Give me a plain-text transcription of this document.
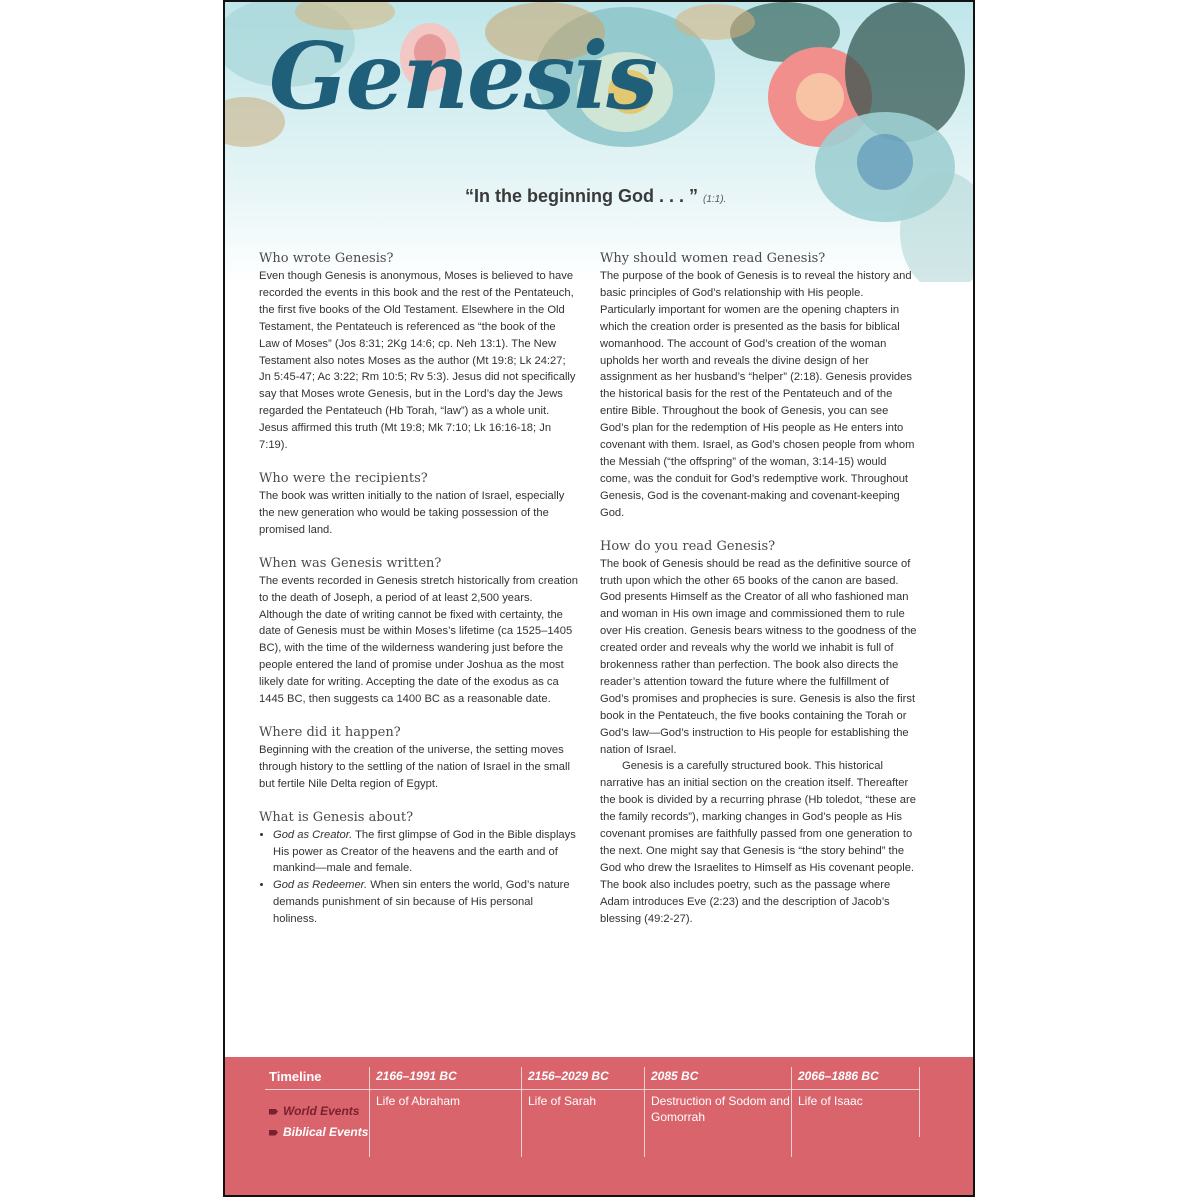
Genesis
“In the beginning God . . . ” (1:1).
Who wrote Genesis?

Even though Genesis is anonymous, Moses is believed to have recorded the events in this book and the rest of the Pentateuch, the first five books of the Old Testament. Elsewhere in the Old Testament, the Pentateuch is referenced as “the book of the Law of Moses” (Jos 8:31; 2Kg 14:6; cp. Neh 13:1). The New Testament also notes Moses as the author (Mt 19:8; Lk 24:27; Jn 5:45-47; Ac 3:22; Rm 10:5; Rv 5:3). Jesus did not specifically say that Moses wrote Genesis, but in the Lord’s day the Jews regarded the Pentateuch (Hb Torah, “law”) as a whole unit. Jesus affirmed this truth (Mt 19:8; Mk 7:10; Lk 16:16-18; Jn 7:19).

Who were the recipients?

The book was written initially to the nation of Israel, especially the new generation who would be taking possession of the promised land.

When was Genesis written?

The events recorded in Genesis stretch historically from creation to the death of Joseph, a period of at least 2,500 years. Although the date of writing cannot be fixed with certainty, the date of Genesis must be within Moses’s lifetime (ca 1525–1405 BC), with the time of the wilderness wandering just before the people entered the land of promise under Joshua as the most likely date for writing. Accepting the date of the exodus as ca 1445 BC, then suggests ca 1400 BC as a reasonable date.

Where did it happen?

Beginning with the creation of the universe, the setting moves through history to the settling of the nation of Israel in the small but fertile Nile Delta region of Egypt.

What is Genesis about?
• God as Creator. The first glimpse of God in the Bible displays His power as Creator of the heavens and the earth and of mankind—male and female.
• God as Redeemer. When sin enters the world, God’s nature demands punishment of sin because of His personal holiness.
Why should women read Genesis?

The purpose of the book of Genesis is to reveal the history and basic principles of God’s relationship with His people. Particularly important for women are the opening chapters in which the creation order is presented as the basis for biblical womanhood. The account of God’s creation of the woman upholds her worth and reveals the divine design of her assignment as her husband’s “helper” (2:18). Genesis provides the historical basis for the rest of the Pentateuch and of the entire Bible. Throughout the book of Genesis, you can see God’s plan for the redemption of His people as He enters into covenant with them. Israel, as God’s chosen people from whom the Messiah (“the offspring” of the woman, 3:14-15) would come, was the conduit for God’s redemptive work. Throughout Genesis, God is the covenant-making and covenant-keeping God.

How do you read Genesis?

The book of Genesis should be read as the definitive source of truth upon which the other 65 books of the canon are based. God presents Himself as the Creator of all who fashioned man and woman in His own image and commissioned them to rule over His creation. Genesis bears witness to the goodness of the created order and reveals why the world we inhabit is full of brokenness rather than perfection. The book also directs the reader’s attention toward the future where the fulfillment of God’s promises and prophecies is sure. Genesis is also the first book in the Pentateuch, the five books containing the Torah or God’s law—God’s instruction to His people for establishing the nation of Israel.

Genesis is a carefully structured book. This historical narrative has an initial section on the creation itself. Thereafter the book is divided by a recurring phrase (Hb toledot, “these are the family records”), marking changes in God’s people as His covenant promises are faithfully passed from one generation to the next. One might say that Genesis is “the story behind” the God who drew the Israelites to Himself as His covenant people. The book also includes poetry, such as the passage where Adam introduces Eve (2:23) and the description of Jacob’s blessing (49:2-27).

Timeline
World Events
Biblical Events
2166–1991 BC
Life of Abraham
2156–2029 BC
Life of Sarah
2085 BC
Destruction of Sodom and Gomorrah
2066–1886 BC
Life of Isaac
